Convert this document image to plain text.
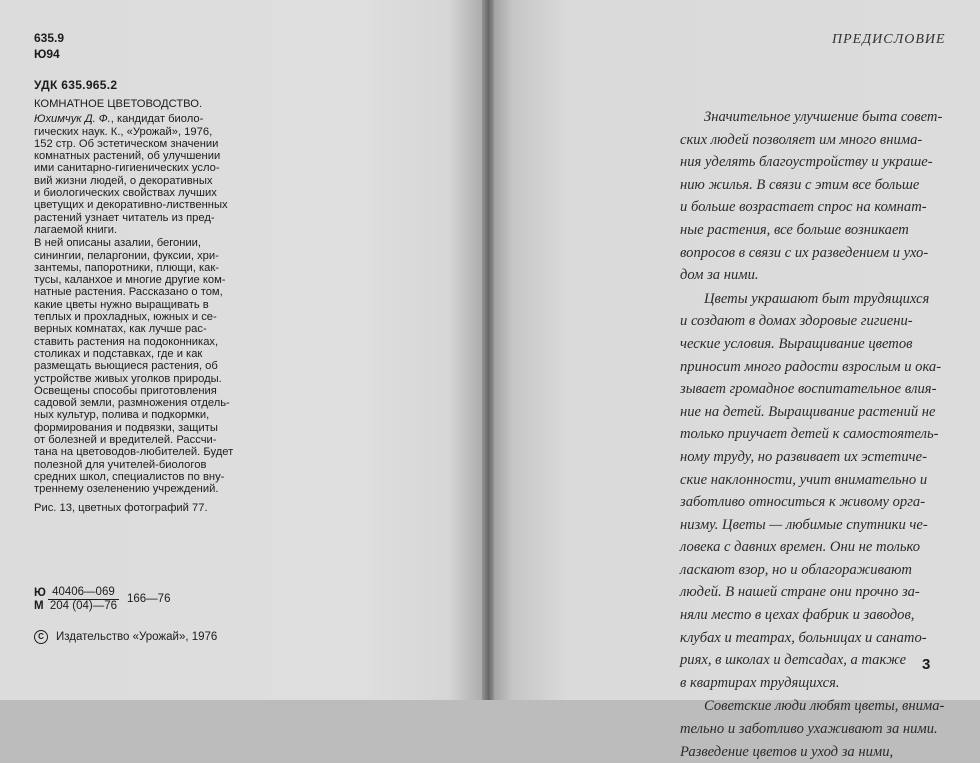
635.9
Ю94
УДК 635.965.2
КОМНАТНОЕ ЦВЕТОВОДСТВО.
Юхимчук Д. Ф., кандидат биоло-
гических наук. К., «Урожай», 1976,
152 стр. Об эстетическом значении
комнатных растений, об улучшении
ими санитарно-гигиенических усло-
вий жизни людей, о декоративных
и биологических свойствах лучших
цветущих и декоративно-лиственных
растений узнает читатель из пред-
лагаемой книги.
В ней описаны азалии, бегонии,
синингии, пеларгонии, фуксии, хри-
зантемы, папоротники, плющи, как-
тусы, каланхое и многие другие ком-
натные растения. Рассказано о том,
какие цветы нужно выращивать в
теплых и прохладных, южных и се-
верных комнатах, как лучше рас-
ставить растения на подоконниках,
столиках и подставках, где и как
размещать вьющиеся растения, об
устройстве живых уголков природы.
Освещены способы приготовления
садовой земли, размножения отдель-
ных культур, полива и подкормки,
формирования и подвязки, защиты
от болезней и вредителей. Рассчи-
тана на цветоводов-любителей. Будет
полезной для учителей-биологов
средних школ, специалистов по вну-
треннему озеленению учреждений.
Рис. 13, цветных фотографий 77.
Ю
М $\frac{40406—069}{204 (04)—76}$ 166—76
C	Издательство «Урожай», 1976
ПРЕДИСЛОВИЕ
Значительное улучшение быта совет-
ских людей позволяет им много внима-
ния уделять благоустройству и украше-
нию жилья. В связи с этим все больше
и больше возрастает спрос на комнат-
ные растения, все больше возникает
вопросов в связи с их разведением и ухо-
дом за ними.
Цветы украшают быт трудящихся
и создают в домах здоровые гигиени-
ческие условия. Выращивание цветов
приносит много радости взрослым и ока-
зывает громадное воспитательное влия-
ние на детей. Выращивание растений не
только приучает детей к самостоятель-
ному труду, но развивает их эстетиче-
ские наклонности, учит внимательно и
заботливо относиться к живому орга-
низму. Цветы — любимые спутники че-
ловека с давних времен. Они не только
ласкают взор, но и облагораживают
людей. В нашей стране они прочно за-
няли место в цехах фабрик и заводов,
клубах и театрах, больницах и санато-
риях, в школах и детсадах, а также
в квартирах трудящихся.
Советские люди любят цветы, внима-
тельно и заботливо ухаживают за ними.
Разведение цветов и уход за ними,
3
